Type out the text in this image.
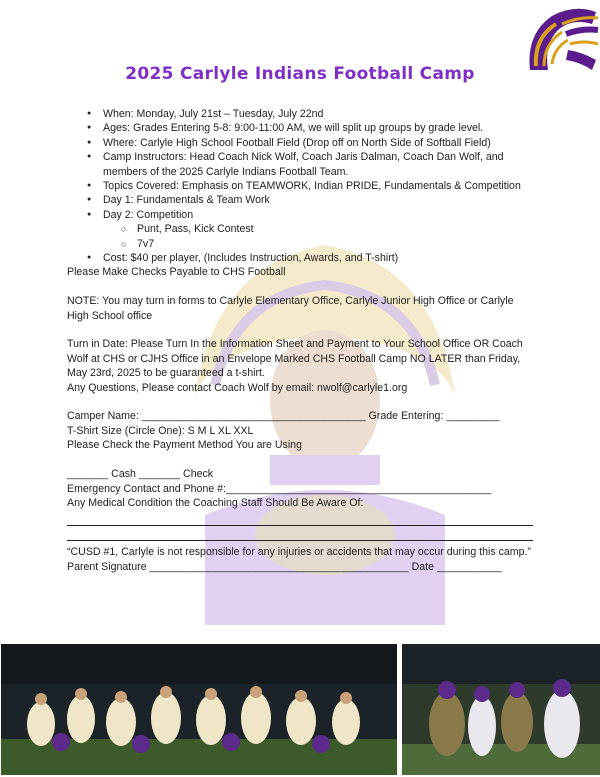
2025 Carlyle Indians Football Camp
● When: Monday, July 21st – Tuesday, July 22nd
● Ages: Grades Entering 5-8: 9:00-11:00 AM, we will split up groups by grade level.
● Where: Carlyle High School Football Field (Drop off on North Side of Softball Field)
● Camp Instructors: Head Coach Nick Wolf, Coach Jaris Dalman, Coach Dan Wolf, and members of the 2025 Carlyle Indians Football Team.
● Topics Covered: Emphasis on TEAMWORK, Indian PRIDE, Fundamentals & Competition
● Day 1: Fundamentals & Team Work
● Day 2: Competition
○ Punt, Pass, Kick Contest
○ 7v7
● Cost: $40 per player, (Includes Instruction, Awards, and T-shirt)

Please Make Checks Payable to CHS Football

NOTE: You may turn in forms to Carlyle Elementary Office, Carlyle Junior High Office or Carlyle High School office

Turn in Date: Please Turn In the Information Sheet and Payment to Your School Office OR Coach Wolf at CHS or CJHS Office in an Envelope Marked CHS Football Camp NO LATER than Friday, May 23rd, 2025 to be guaranteed a t-shirt.

Any Questions, Please contact Coach Wolf by email: nwolf@carlyle1.org

Camper Name: ______________________________________ Grade Entering: _________

T-Shirt Size (Circle One): S M L XL XXL

Please Check the Payment Method You are Using

_______ Cash _______ Check

Emergency Contact and Phone #:_____________________________________________

Any Medical Condition the Coaching Staff Should Be Aware Of:

“CUSD #1, Carlyle is not responsible for any injuries or accidents that may occur during this camp.”

Parent Signature ____________________________________________ Date ___________
